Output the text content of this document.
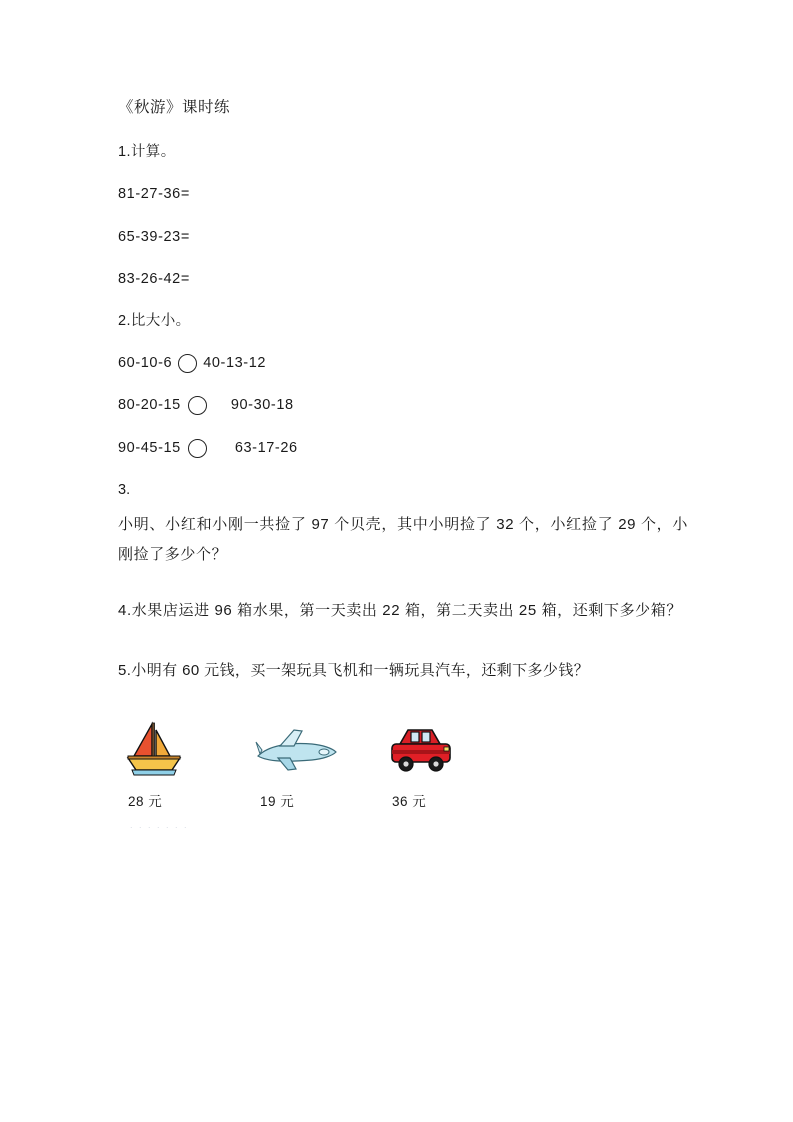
《秋游》课时练
1.计算。
81-27-36=
65-39-23=
83-26-42=
2.比大小。
60-10-6 40-13-12
80-20-15	90-30-18
90-45-15	63-17-26
3.
小明、小红和小刚一共捡了 97 个贝壳，其中小明捡了 32 个，小红捡了 29 个，小刚捡了多少个？
4.水果店运进 96 箱水果，第一天卖出 22 箱，第二天卖出 25 箱，还剩下多少箱？
5.小明有 60 元钱，买一架玩具飞机和一辆玩具汽车，还剩下多少钱？
28 元	19 元	36 元
. . . . . . .
